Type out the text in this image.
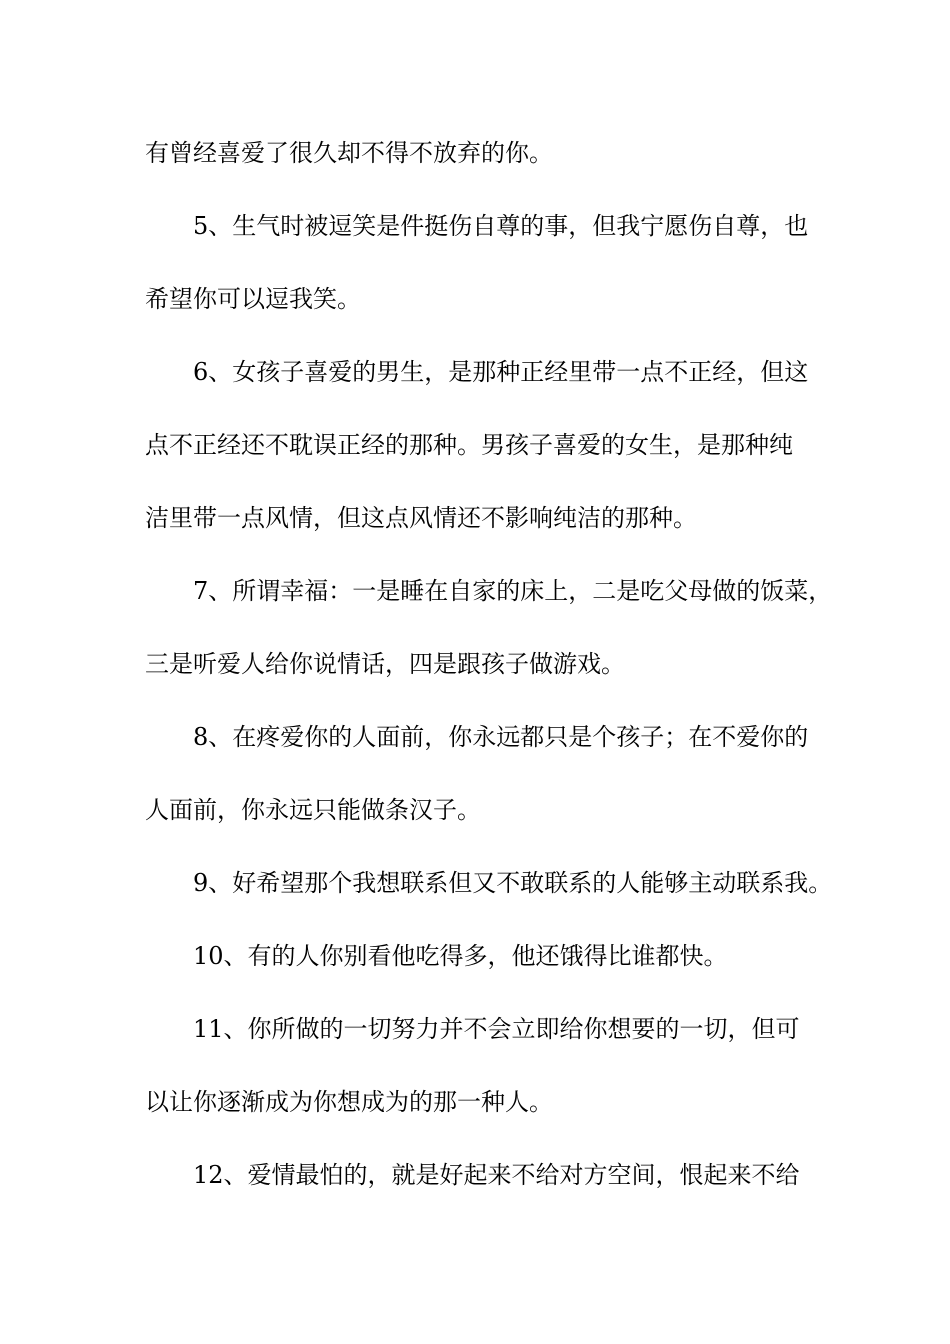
有曾经喜爱了很久却不得不放弃的你。
5、生气时被逗笑是件挺伤自尊的事，但我宁愿伤自尊，也
希望你可以逗我笑。
6、女孩子喜爱的男生，是那种正经里带一点不正经，但这
点不正经还不耽误正经的那种。男孩子喜爱的女生，是那种纯
洁里带一点风情，但这点风情还不影响纯洁的那种。
7、所谓幸福：一是睡在自家的床上，二是吃父母做的饭菜，
三是听爱人给你说情话，四是跟孩子做游戏。
8、在疼爱你的人面前，你永远都只是个孩子；在不爱你的
人面前，你永远只能做条汉子。
9、好希望那个我想联系但又不敢联系的人能够主动联系我。
10、有的人你别看他吃得多，他还饿得比谁都快。
11、你所做的一切努力并不会立即给你想要的一切，但可
以让你逐渐成为你想成为的那一种人。
12、爱情最怕的，就是好起来不给对方空间，恨起来不给
